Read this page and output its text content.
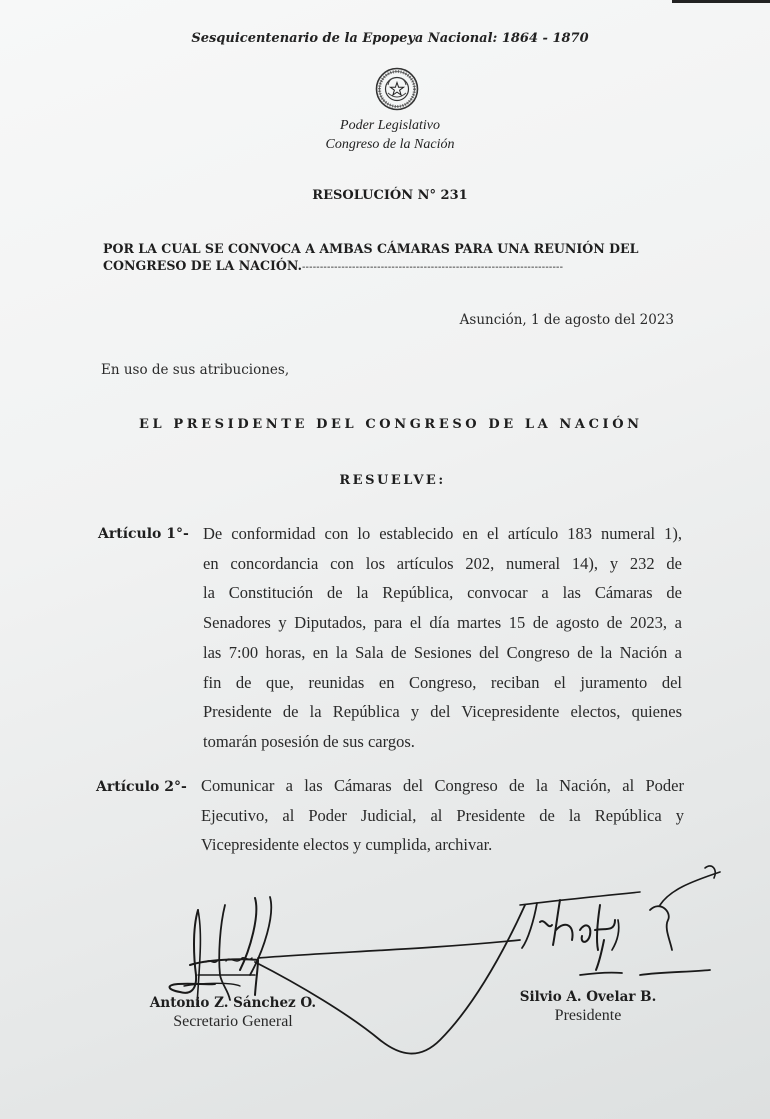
Sesquicentenario de la Epopeya Nacional: 1864 - 1870
Poder Legislativo
Congreso de la Nación
RESOLUCIÓN N° 231
POR LA CUAL SE CONVOCA A AMBAS CÁMARAS PARA UNA REUNIÓN DEL
CONGRESO DE LA NACIÓN.-------------------------------------------------------------------------
Asunción, 1 de agosto del 2023
En uso de sus atribuciones,
EL PRESIDENTE DEL CONGRESO DE LA NACIÓN
RESUELVE:
Artículo 1°- De conformidad con lo establecido en el artículo 183 numeral 1),
en concordancia con los artículos 202, numeral 14), y 232 de
la Constitución de la República, convocar a las Cámaras de
Senadores y Diputados, para el día martes 15 de agosto de 2023, a
las 7:00 horas, en la Sala de Sesiones del Congreso de la Nación a
fin de que, reunidas en Congreso, reciban el juramento del
Presidente de la República y del Vicepresidente electos, quienes
tomarán posesión de sus cargos.
Artículo 2°- Comunicar a las Cámaras del Congreso de la Nación, al Poder
Ejecutivo, al Poder Judicial, al Presidente de la República y
Vicepresidente electos y cumplida, archivar.
Antonio Z. Sánchez O.
Secretario General
Silvio A. Ovelar B.
Presidente
